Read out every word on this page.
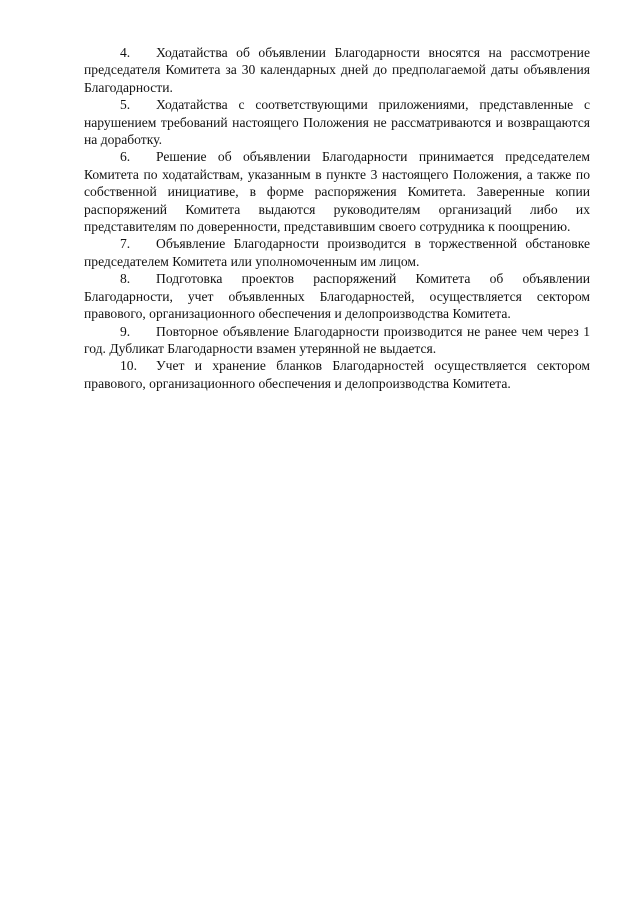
4. Ходатайства об объявлении Благодарности вносятся на рассмотрение председателя Комитета за 30 календарных дней до предполагаемой даты объявления Благодарности.

5. Ходатайства с соответствующими приложениями, представленные с нарушением требований настоящего Положения не рассматриваются и возвращаются на доработку.

6. Решение об объявлении Благодарности принимается председателем Комитета по ходатайствам, указанным в пункте 3 настоящего Положения, а также по собственной инициативе, в форме распоряжения Комитета. Заверенные копии распоряжений Комитета выдаются руководителям организаций либо их представителям по доверенности, представившим своего сотрудника к поощрению.

7. Объявление Благодарности производится в торжественной обстановке председателем Комитета или уполномоченным им лицом.

8. Подготовка проектов распоряжений Комитета об объявлении Благодарности, учет объявленных Благодарностей, осуществляется сектором правового, организационного обеспечения и делопроизводства Комитета.

9. Повторное объявление Благодарности производится не ранее чем через 1 год. Дубликат Благодарности взамен утерянной не выдается.

10. Учет и хранение бланков Благодарностей осуществляется сектором правового, организационного обеспечения и делопроизводства Комитета.
